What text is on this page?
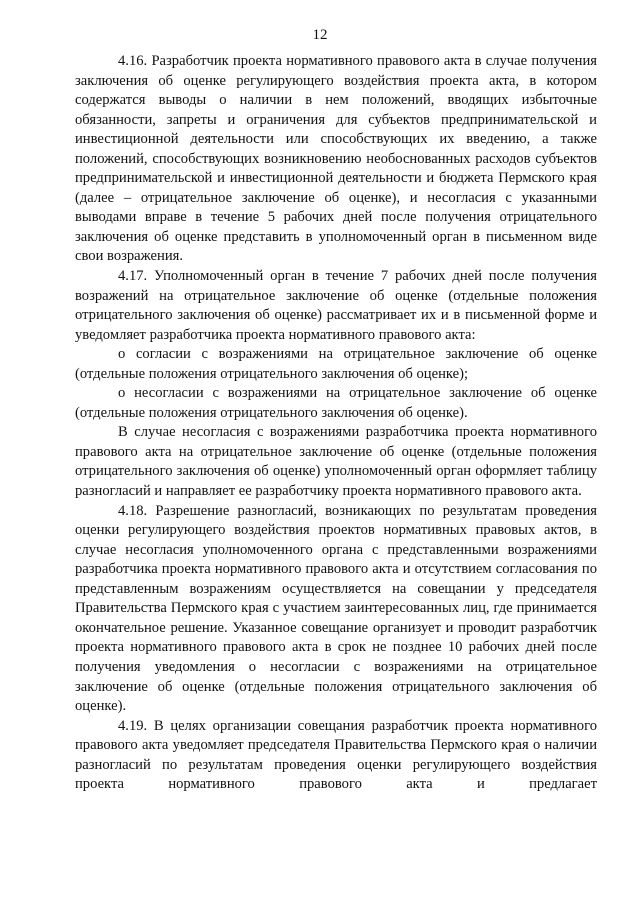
12

4.16. Разработчик проекта нормативного правового акта в случае получения заключения об оценке регулирующего воздействия проекта акта, в котором содержатся выводы о наличии в нем положений, вводящих избыточные обязанности, запреты и ограничения для субъектов предпринимательской и инвестиционной деятельности или способствующих их введению, а также положений, способствующих возникновению необоснованных расходов субъектов предпринимательской и инвестиционной деятельности и бюджета Пермского края (далее – отрицательное заключение об оценке), и несогласия с указанными выводами вправе в течение 5 рабочих дней после получения отрицательного заключения об оценке представить в уполномоченный орган в письменном виде свои возражения.

4.17. Уполномоченный орган в течение 7 рабочих дней после получения возражений на отрицательное заключение об оценке (отдельные положения отрицательного заключения об оценке) рассматривает их и в письменной форме и уведомляет разработчика проекта нормативного правового акта:

о согласии с возражениями на отрицательное заключение об оценке (отдельные положения отрицательного заключения об оценке);

о несогласии с возражениями на отрицательное заключение об оценке (отдельные положения отрицательного заключения об оценке).

В случае несогласия с возражениями разработчика проекта нормативного правового акта на отрицательное заключение об оценке (отдельные положения отрицательного заключения об оценке) уполномоченный орган оформляет таблицу разногласий и направляет ее разработчику проекта нормативного правового акта.

4.18. Разрешение разногласий, возникающих по результатам проведения оценки регулирующего воздействия проектов нормативных правовых актов, в случае несогласия уполномоченного органа с представленными возражениями разработчика проекта нормативного правового акта и отсутствием согласования по представленным возражениям осуществляется на совещании у председателя Правительства Пермского края с участием заинтересованных лиц, где принимается окончательное решение. Указанное совещание организует и проводит разработчик проекта нормативного правового акта в срок не позднее 10 рабочих дней после получения уведомления о несогласии с возражениями на отрицательное заключение об оценке (отдельные положения отрицательного заключения об оценке).

4.19. В целях организации совещания разработчик проекта нормативного правового акта уведомляет председателя Правительства Пермского края о наличии разногласий по результатам проведения оценки регулирующего воздействия проекта нормативного правового акта и предлагает
